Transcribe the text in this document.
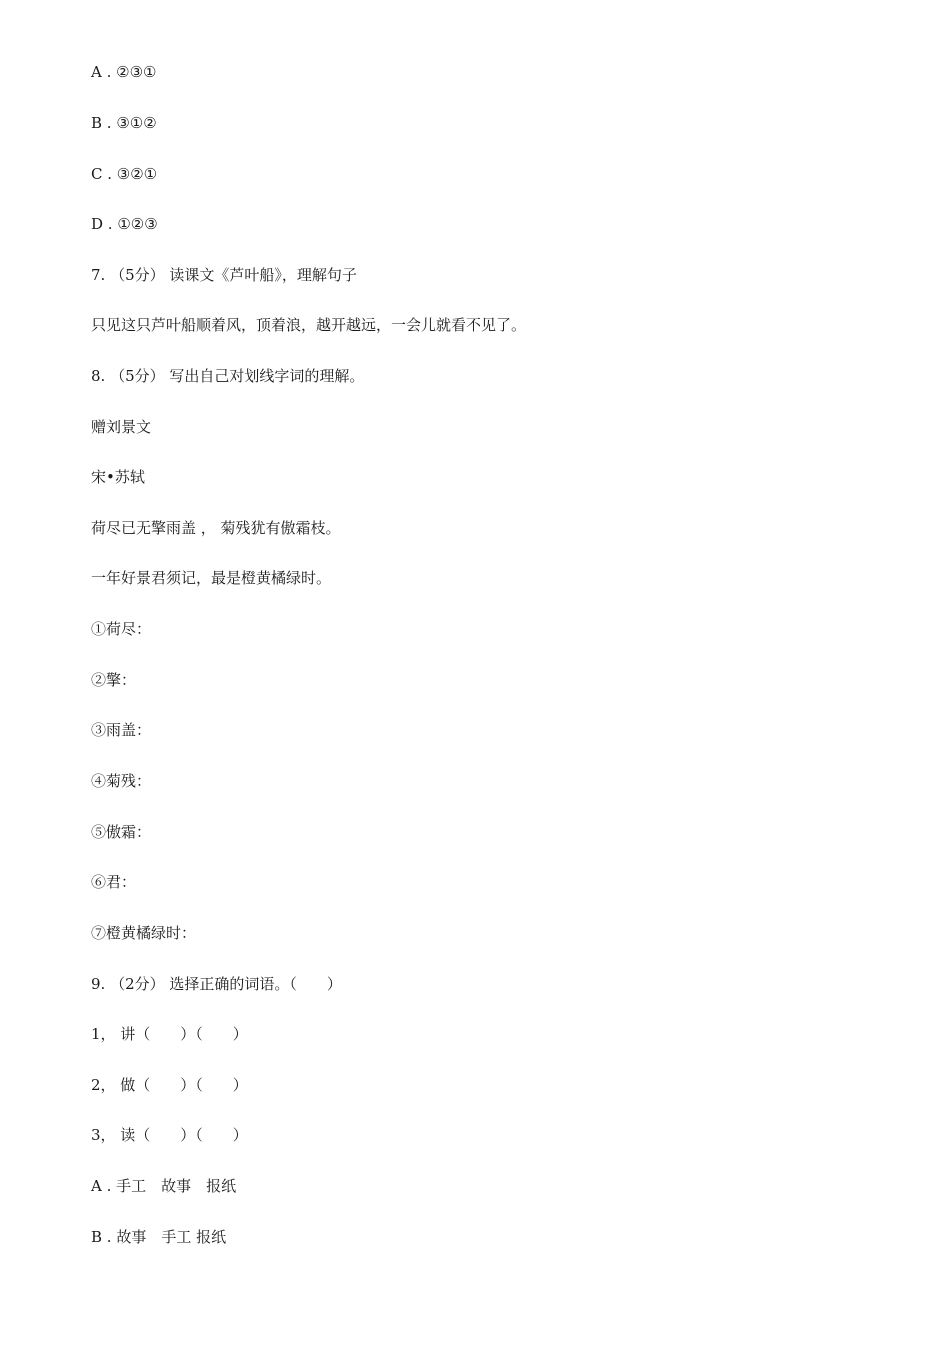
A . ②③①
B . ③①②
C . ③②①
D . ①②③
7. （5分） 读课文《芦叶船》，理解句子
只见这只芦叶船顺着风，顶着浪，越开越远，一会儿就看不见了。
8. （5分） 写出自己对划线字词的理解。
赠刘景文
宋•苏轼
荷尽已无擎雨盖 ， 菊残犹有傲霜枝。
一年好景君须记，最是橙黄橘绿时。
①荷尽：
②擎：
③雨盖：
④菊残：
⑤傲霜：
⑥君：
⑦橙黄橘绿时：
9. （2分） 选择正确的词语。（　　）
1， 讲（　　）（　　）
2， 做（　　）（　　）
3， 读（　　）（　　）
A . 手工　故事　报纸
B . 故事　手工 报纸
